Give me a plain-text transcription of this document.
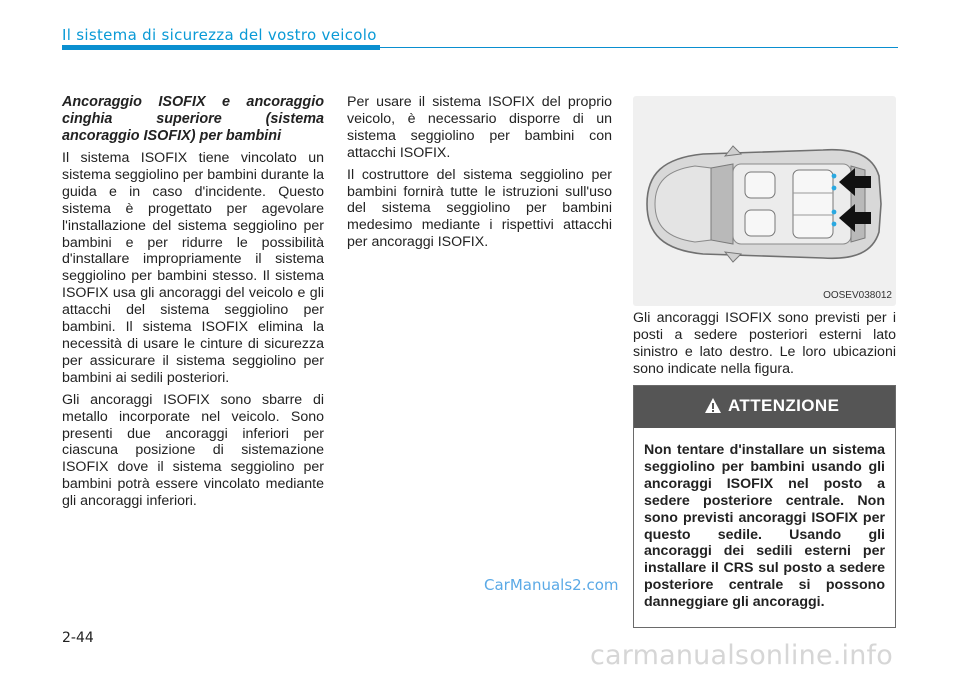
Il sistema di sicurezza del vostro veicolo

Ancoraggio ISOFIX e ancoraggio cinghia superiore (sistema ancoraggio ISOFIX) per bambini

Il sistema ISOFIX tiene vincolato un sistema seggiolino per bambini durante la guida e in caso d'incidente. Questo sistema è progettato per agevolare l'installazione del sistema seggiolino per bambini e per ridurre le possibilità d'installare impropriamente il sistema seggiolino per bambini stesso. Il sistema ISOFIX usa gli ancoraggi del veicolo e gli attacchi del sistema seggiolino per bambini. Il sistema ISOFIX elimina la necessità di usare le cinture di sicurezza per assicurare il sistema seggiolino per bambini ai sedili posteriori.

Gli ancoraggi ISOFIX sono sbarre di metallo incorporate nel veicolo. Sono presenti due ancoraggi inferiori per ciascuna posizione di sistemazione ISOFIX dove il sistema seggiolino per bambini potrà essere vincolato mediante gli ancoraggi inferiori.

Per usare il sistema ISOFIX del proprio veicolo, è necessario disporre di un sistema seggiolino per bambini con attacchi ISOFIX.

Il costruttore del sistema seggiolino per bambini fornirà tutte le istruzioni sull'uso del sistema seggiolino per bambini medesimo mediante i rispettivi attacchi per ancoraggi ISOFIX.

OOSEV038012

Gli ancoraggi ISOFIX sono previsti per i posti a sedere posteriori esterni lato sinistro e lato destro. Le loro ubicazioni sono indicate nella figura.

ATTENZIONE
Non tentare d'installare un sistema seggiolino per bambini usando gli ancoraggi ISOFIX nel posto a sedere posteriore centrale. Non sono previsti ancoraggi ISOFIX per questo sedile. Usando gli ancoraggi dei sedili esterni per installare il CRS sul posto a sedere posteriore centrale si possono danneggiare gli ancoraggi.
CarManuals2.com
2-44
carmanualsonline.info
